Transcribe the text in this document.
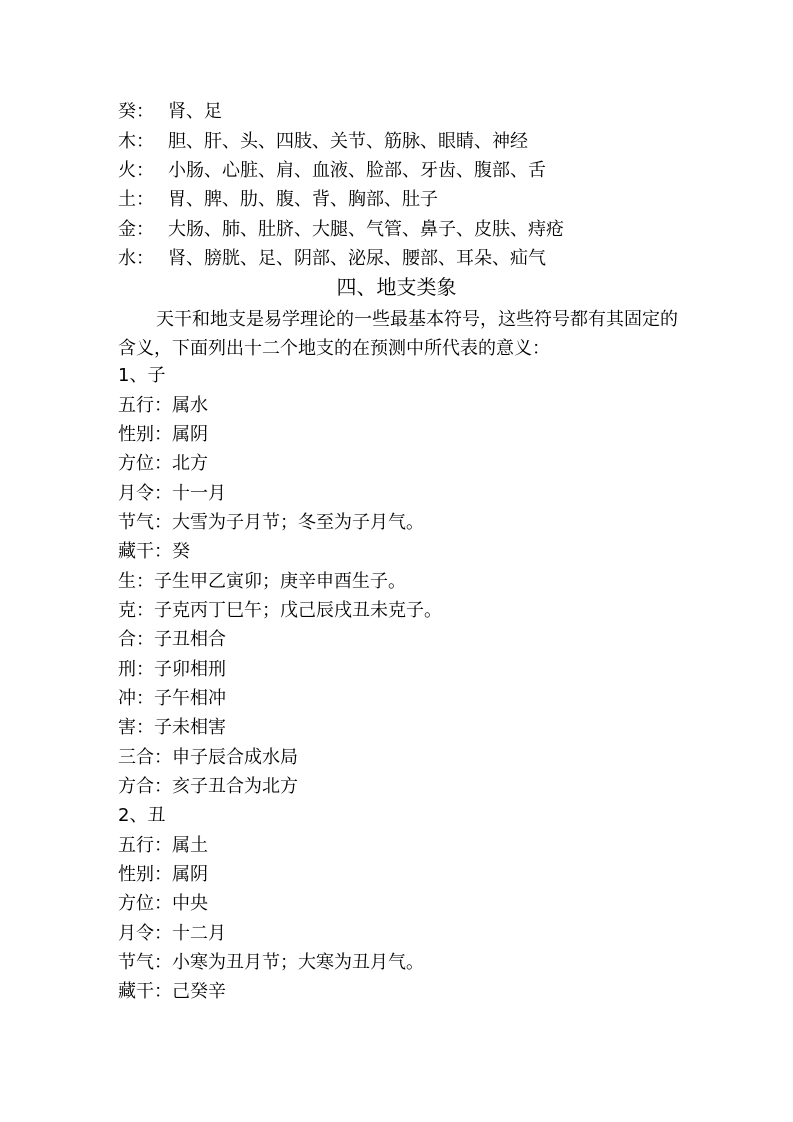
癸： 肾、足
木： 胆、肝、头、四肢、关节、筋脉、眼睛、神经
火： 小肠、心脏、肩、血液、脸部、牙齿、腹部、舌
土： 胃、脾、肋、腹、背、胸部、肚子
金： 大肠、肺、肚脐、大腿、气管、鼻子、皮肤、痔疮
水： 肾、膀胱、足、阴部、泌尿、腰部、耳朵、疝气
四、地支类象
天干和地支是易学理论的一些最基本符号，这些符号都有其固定的含义，下面列出十二个地支的在预测中所代表的意义：
1、子
五行：属水
性别：属阴
方位：北方
月令：十一月
节气：大雪为子月节；冬至为子月气。
藏干：癸
生：子生甲乙寅卯；庚辛申酉生子。
克：子克丙丁巳午；戊己辰戌丑未克子。
合：子丑相合
刑：子卯相刑
冲：子午相冲
害：子未相害
三合：申子辰合成水局
方合：亥子丑合为北方
2、丑
五行：属土
性别：属阴
方位：中央
月令：十二月
节气：小寒为丑月节；大寒为丑月气。
藏干：己癸辛
